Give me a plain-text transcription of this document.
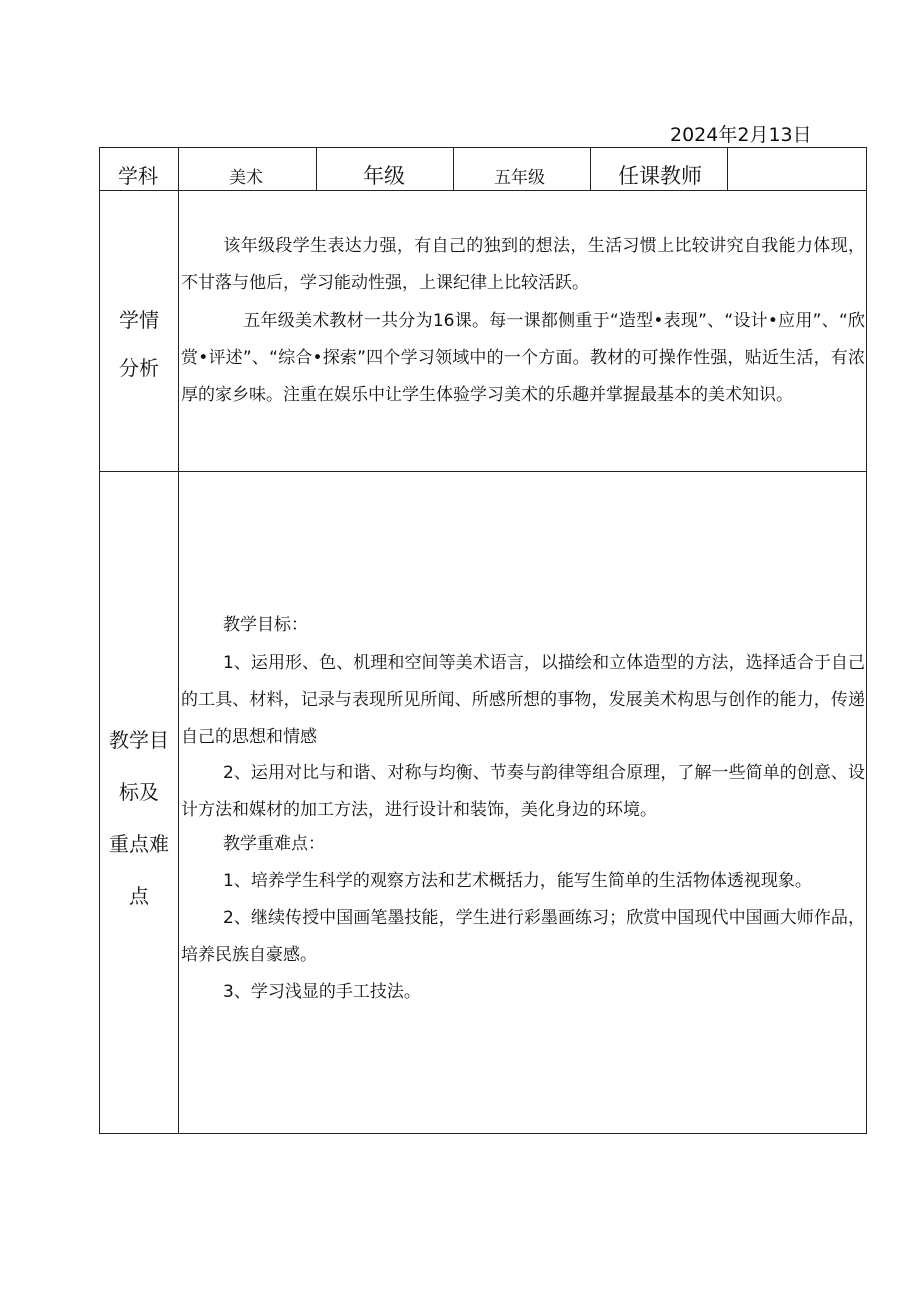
2024年2月13日
学科	美术	年级	五年级	任课教师
学情
分析

该年级段学生表达力强，有自己的独到的想法，生活习惯上比较讲究自我能力体现，不甘落与他后，学习能动性强，上课纪律上比较活跃。

五年级美术教材一共分为16课。每一课都侧重于“造型•表现”、“设计•应用”、“欣赏•评述”、“综合•探索”四个学习领域中的一个方面。教材的可操作性强，贴近生活，有浓厚的家乡味。注重在娱乐中让学生体验学习美术的乐趣并掌握最基本的美术知识。

教学目
标及
重点难
点

教学目标：

1、运用形、色、机理和空间等美术语言，以描绘和立体造型的方法，选择适合于自己的工具、材料，记录与表现所见所闻、所感所想的事物，发展美术构思与创作的能力，传递自己的思想和情感

2、运用对比与和谐、对称与均衡、节奏与韵律等组合原理，了解一些简单的创意、设计方法和媒材的加工方法，进行设计和装饰，美化身边的环境。

教学重难点：

1、培养学生科学的观察方法和艺术概括力，能写生简单的生活物体透视现象。

2、继续传授中国画笔墨技能，学生进行彩墨画练习；欣赏中国现代中国画大师作品，培养民族自豪感。

3、学习浅显的手工技法。
